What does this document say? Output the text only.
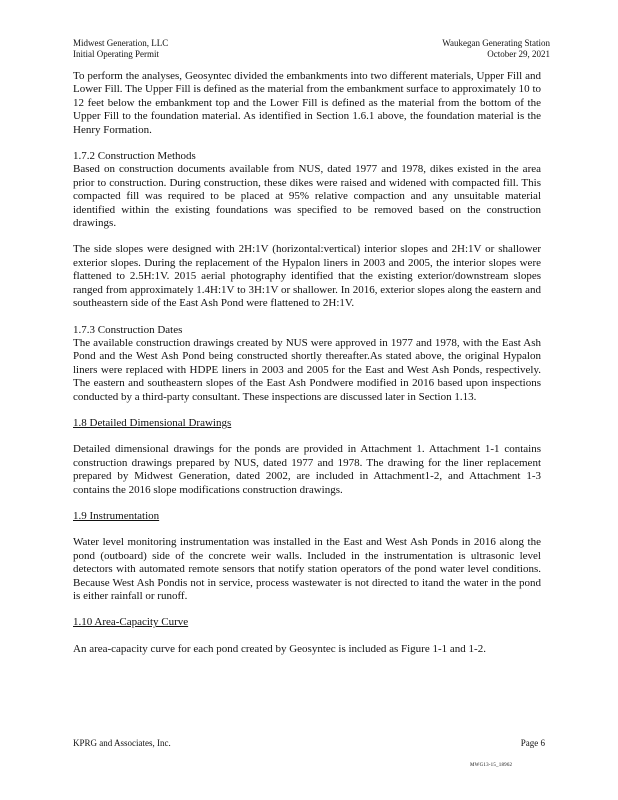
Midwest Generation, LLC
Initial Operating Permit
Waukegan Generating Station
October 29, 2021

To perform the analyses, Geosyntec divided the embankments into two different materials, Upper Fill and Lower Fill. The Upper Fill is defined as the material from the embankment surface to approximately 10 to 12 feet below the embankment top and the Lower Fill is defined as the material from the bottom of the Upper Fill to the foundation material. As identified in Section 1.6.1 above, the foundation material is the Henry Formation.

1.7.2 Construction Methods

Based on construction documents available from NUS, dated 1977 and 1978, dikes existed in the area prior to construction. During construction, these dikes were raised and widened with compacted fill. This compacted fill was required to be placed at 95% relative compaction and any unsuitable material identified within the existing foundations was specified to be removed based on the construction drawings.

The side slopes were designed with 2H:1V (horizontal:vertical) interior slopes and 2H:1V or shallower exterior slopes. During the replacement of the Hypalon liners in 2003 and 2005, the interior slopes were flattened to 2.5H:1V. 2015 aerial photography identified that the existing exterior/downstream slopes ranged from approximately 1.4H:1V to 3H:1V or shallower. In 2016, exterior slopes along the eastern and southeastern side of the East Ash Pond were flattened to 2H:1V.

1.7.3 Construction Dates

The available construction drawings created by NUS were approved in 1977 and 1978, with the East Ash Pond and the West Ash Pond being constructed shortly thereafter.As stated above, the original Hypalon liners were replaced with HDPE liners in 2003 and 2005 for the East and West Ash Ponds, respectively. The eastern and southeastern slopes of the East Ash Pondwere modified in 2016 based upon inspections conducted by a third-party consultant. These inspections are discussed later in Section 1.13.

1.8 Detailed Dimensional Drawings

Detailed dimensional drawings for the ponds are provided in Attachment 1. Attachment 1-1 contains construction drawings prepared by NUS, dated 1977 and 1978. The drawing for the liner replacement prepared by Midwest Generation, dated 2002, are included in Attachment1-2, and Attachment 1-3 contains the 2016 slope modifications construction drawings.

1.9 Instrumentation

Water level monitoring instrumentation was installed in the East and West Ash Ponds in 2016 along the pond (outboard) side of the concrete weir walls. Included in the instrumentation is ultrasonic level detectors with automated remote sensors that notify station operators of the pond water level conditions. Because West Ash Pondis not in service, process wastewater is not directed to itand the water in the pond is either rainfall or runoff.

1.10 Area-Capacity Curve

An area-capacity curve for each pond created by Geosyntec is included as Figure 1-1 and 1-2.

KPRG and Associates, Inc.	Page 6
MWG13-15_18962
